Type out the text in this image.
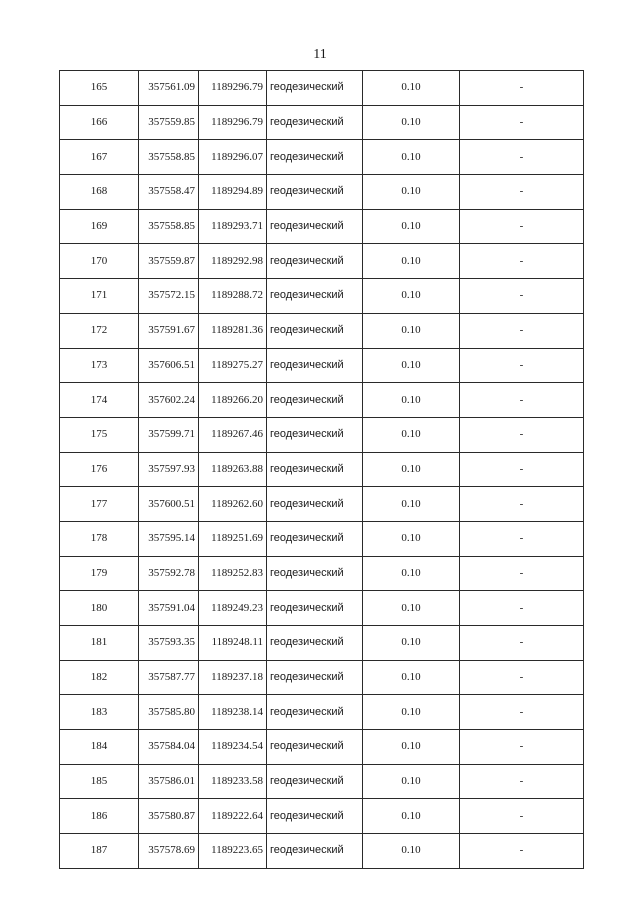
11
165	357561.09	1189296.79	геодезический	0.10	-
166	357559.85	1189296.79	геодезический	0.10	-
167	357558.85	1189296.07	геодезический	0.10	-
168	357558.47	1189294.89	геодезический	0.10	-
169	357558.85	1189293.71	геодезический	0.10	-
170	357559.87	1189292.98	геодезический	0.10	-
171	357572.15	1189288.72	геодезический	0.10	-
172	357591.67	1189281.36	геодезический	0.10	-
173	357606.51	1189275.27	геодезический	0.10	-
174	357602.24	1189266.20	геодезический	0.10	-
175	357599.71	1189267.46	геодезический	0.10	-
176	357597.93	1189263.88	геодезический	0.10	-
177	357600.51	1189262.60	геодезический	0.10	-
178	357595.14	1189251.69	геодезический	0.10	-
179	357592.78	1189252.83	геодезический	0.10	-
180	357591.04	1189249.23	геодезический	0.10	-
181	357593.35	1189248.11	геодезический	0.10	-
182	357587.77	1189237.18	геодезический	0.10	-
183	357585.80	1189238.14	геодезический	0.10	-
184	357584.04	1189234.54	геодезический	0.10	-
185	357586.01	1189233.58	геодезический	0.10	-
186	357580.87	1189222.64	геодезический	0.10	-
187	357578.69	1189223.65	геодезический	0.10	-
